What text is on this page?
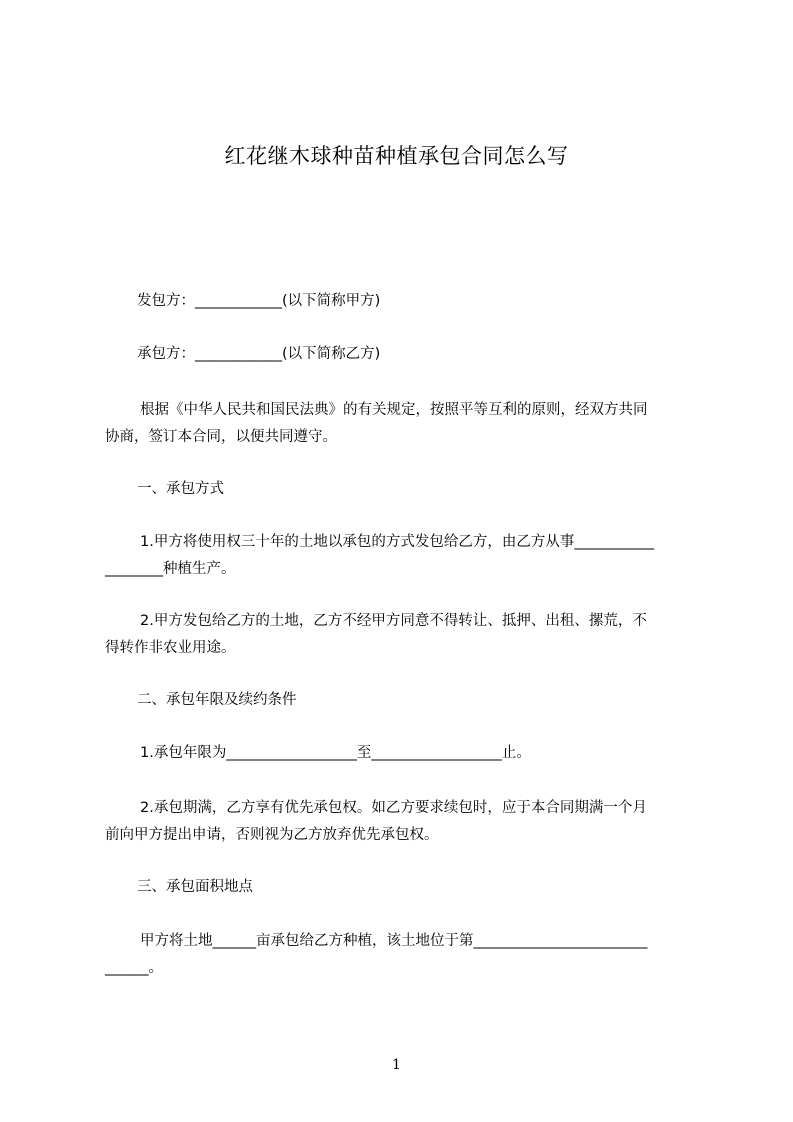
红花继木球种苗种植承包合同怎么写
发包方：____________(以下简称甲方)
承包方：____________(以下简称乙方)
根据《中华人民共和国民法典》的有关规定，按照平等互利的原则，经双方共同
协商，签订本合同，以便共同遵守。
一、承包方式
1.甲方将使用权三十年的土地以承包的方式发包给乙方，由乙方从事___________
________种植生产。
2.甲方发包给乙方的土地，乙方不经甲方同意不得转让、抵押、出租、摞荒，不
得转作非农业用途。
二、承包年限及续约条件
1.承包年限为__________________至__________________止。
2.承包期满，乙方享有优先承包权。如乙方要求续包时，应于本合同期满一个月
前向甲方提出申请，否则视为乙方放弃优先承包权。
三、承包面积地点
甲方将土地______亩承包给乙方种植，该土地位于第________________________
______。
1
